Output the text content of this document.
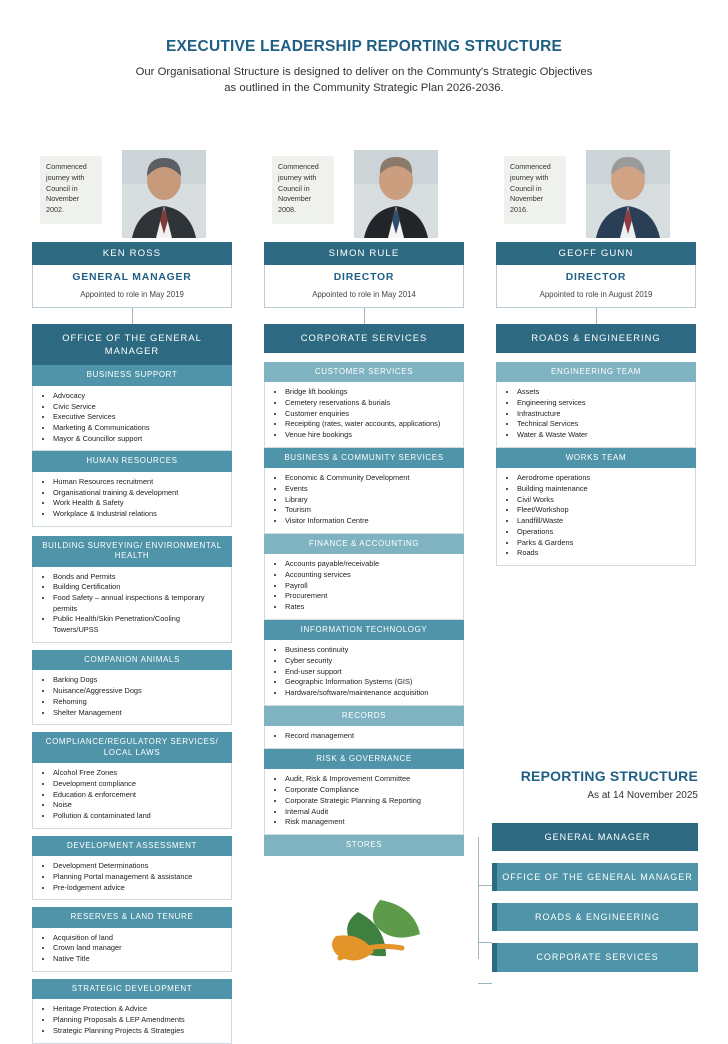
EXECUTIVE LEADERSHIP REPORTING STRUCTURE

Our Organisational Structure is designed to deliver on the Communty's Strategic Objectives as outlined in the Community Strategic Plan 2026-2036.

Commenced journey with Council in November 2002.
KEN ROSS
GENERAL MANAGER
Appointed to role in May 2019
OFFICE OF THE GENERAL MANAGER
BUSINESS SUPPORT
• Advocacy
• Civic Service
• Executive Services
• Marketing & Communications
• Mayor & Councillor support
HUMAN RESOURCES
• Human Resources recruitment
• Organisational training & development
• Work Health & Safety
• Workplace & Industrial relations
BUILDING SURVEYING/ ENVIRONMENTAL HEALTH
• Bonds and Permits
• Building Certification
• Food Safety – annual inspections & temporary permits
• Public Health/Skin Penetration/Cooling Towers/UPSS
COMPANION ANIMALS
• Barking Dogs
• Nuisance/Aggressive Dogs
• Rehoming
• Shelter Management
COMPLIANCE/REGULATORY SERVICES/ LOCAL LAWS
• Alcohol Free Zones
• Development compliance
• Education & enforcement
• Noise
• Pollution & contaminated land
DEVELOPMENT ASSESSMENT
• Development Determinations
• Planning Portal management & assistance
• Pre-lodgement advice
RESERVES & LAND TENURE
• Acquisition of land
• Crown land manager
• Native Title
STRATEGIC DEVELOPMENT
• Heritage Protection & Advice
• Planning Proposals & LEP Amendments
• Strategic Planning Projects & Strategies
Commenced journey with Council in November 2008.
SIMON RULE
DIRECTOR
Appointed to role in May 2014
CORPORATE SERVICES
CUSTOMER SERVICES
• Bridge lift bookings
• Cemetery reservations & burials
• Customer enquiries
• Receipting (rates, water accounts, applications)
• Venue hire bookings
BUSINESS & COMMUNITY SERVICES
• Economic & Community Development
• Events
• Library
• Tourism
• Visitor Information Centre
FINANCE & ACCOUNTING
• Accounts payable/receivable
• Accounting services
• Payroll
• Procurement
• Rates
INFORMATION TECHNOLOGY
• Business continuity
• Cyber security
• End-user support
• Geographic Information Systems (GIS)
• Hardware/software/maintenance acquisition
RECORDS
• Record management
RISK & GOVERNANCE
• Audit, Risk & Improvement Committee
• Corporate Compliance
• Corporate Strategic Planning & Reporting
• Internal Audit
• Risk management
STORES
Commenced journey with Council in November 2016.
GEOFF GUNN
DIRECTOR
Appointed to role in August 2019
ROADS & ENGINEERING
ENGINEERING TEAM
• Assets
• Engineering services
• Infrastructure
• Technical Services
• Water & Waste Water
WORKS TEAM
• Aerodrome operations
• Building maintenance
• Civil Works
• Fleet/Workshop
• Landfill/Waste
• Operations
• Parks & Gardens
• Roads
REPORTING STRUCTURE

As at 14 November 2025

GENERAL MANAGER
OFFICE OF THE GENERAL MANAGER
ROADS & ENGINEERING
CORPORATE SERVICES
